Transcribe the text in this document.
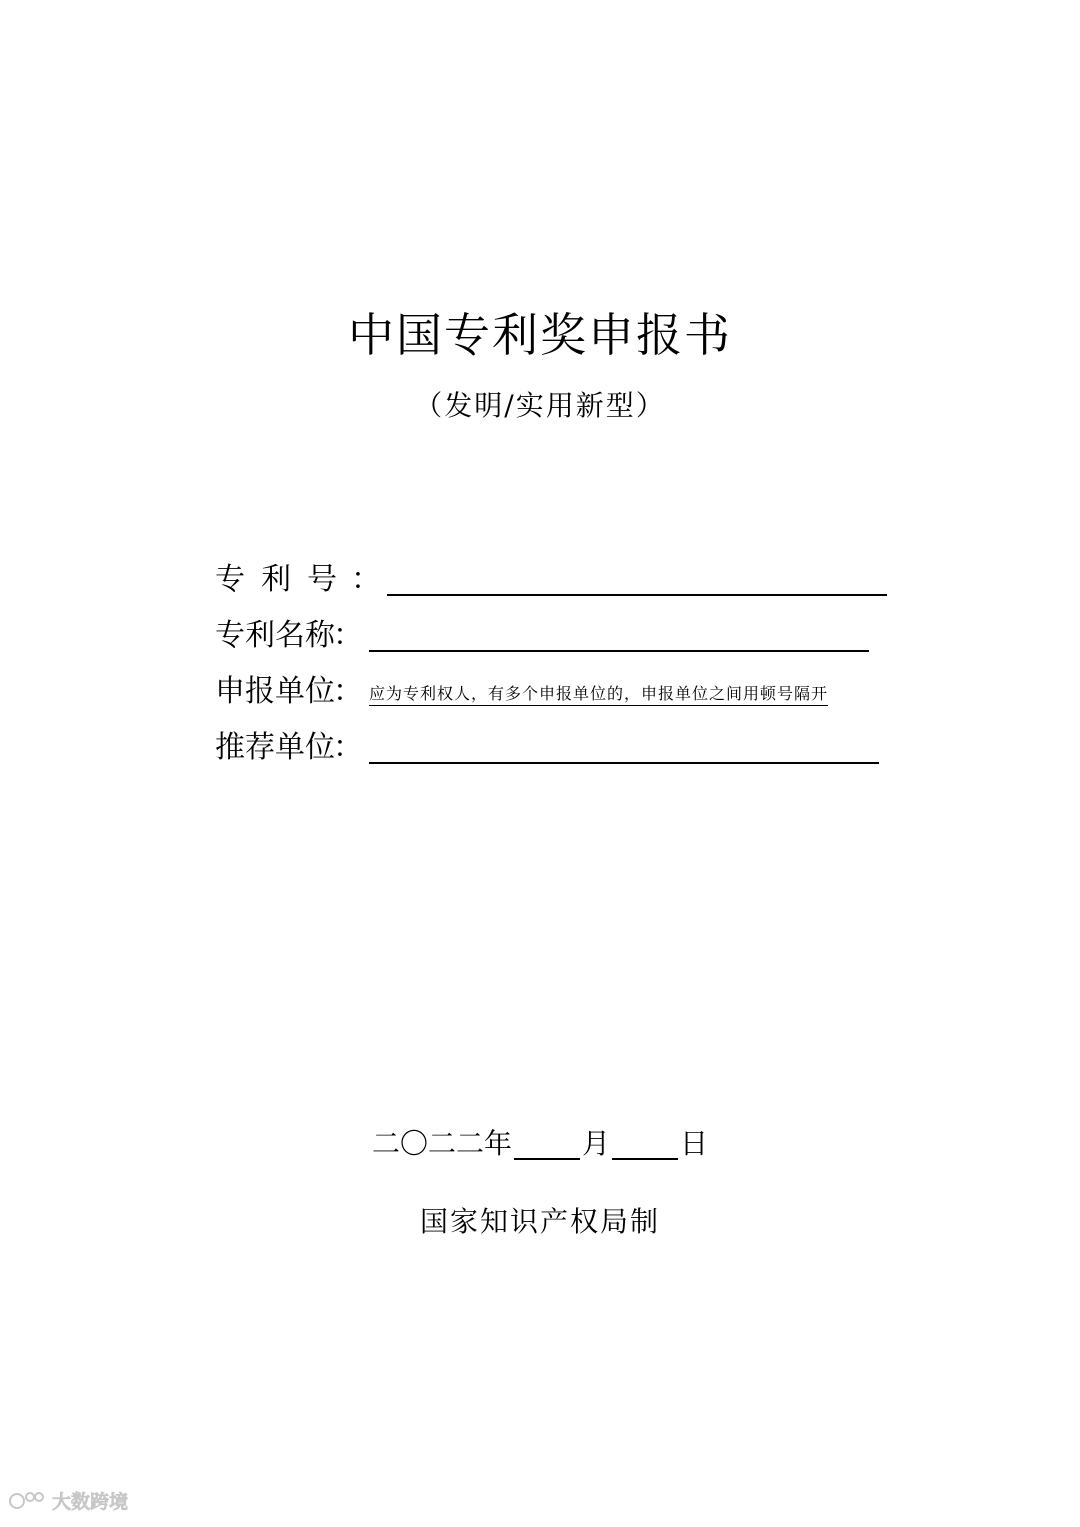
中国专利奖申报书
（发明/实用新型）
专利号
：
专利名称
：
申报单位
： 应为专利权人，有多个申报单位的，申报单位之间用顿号隔开
推荐单位
：
二〇二二年	月	日
国家知识产权局制
大数跨境
